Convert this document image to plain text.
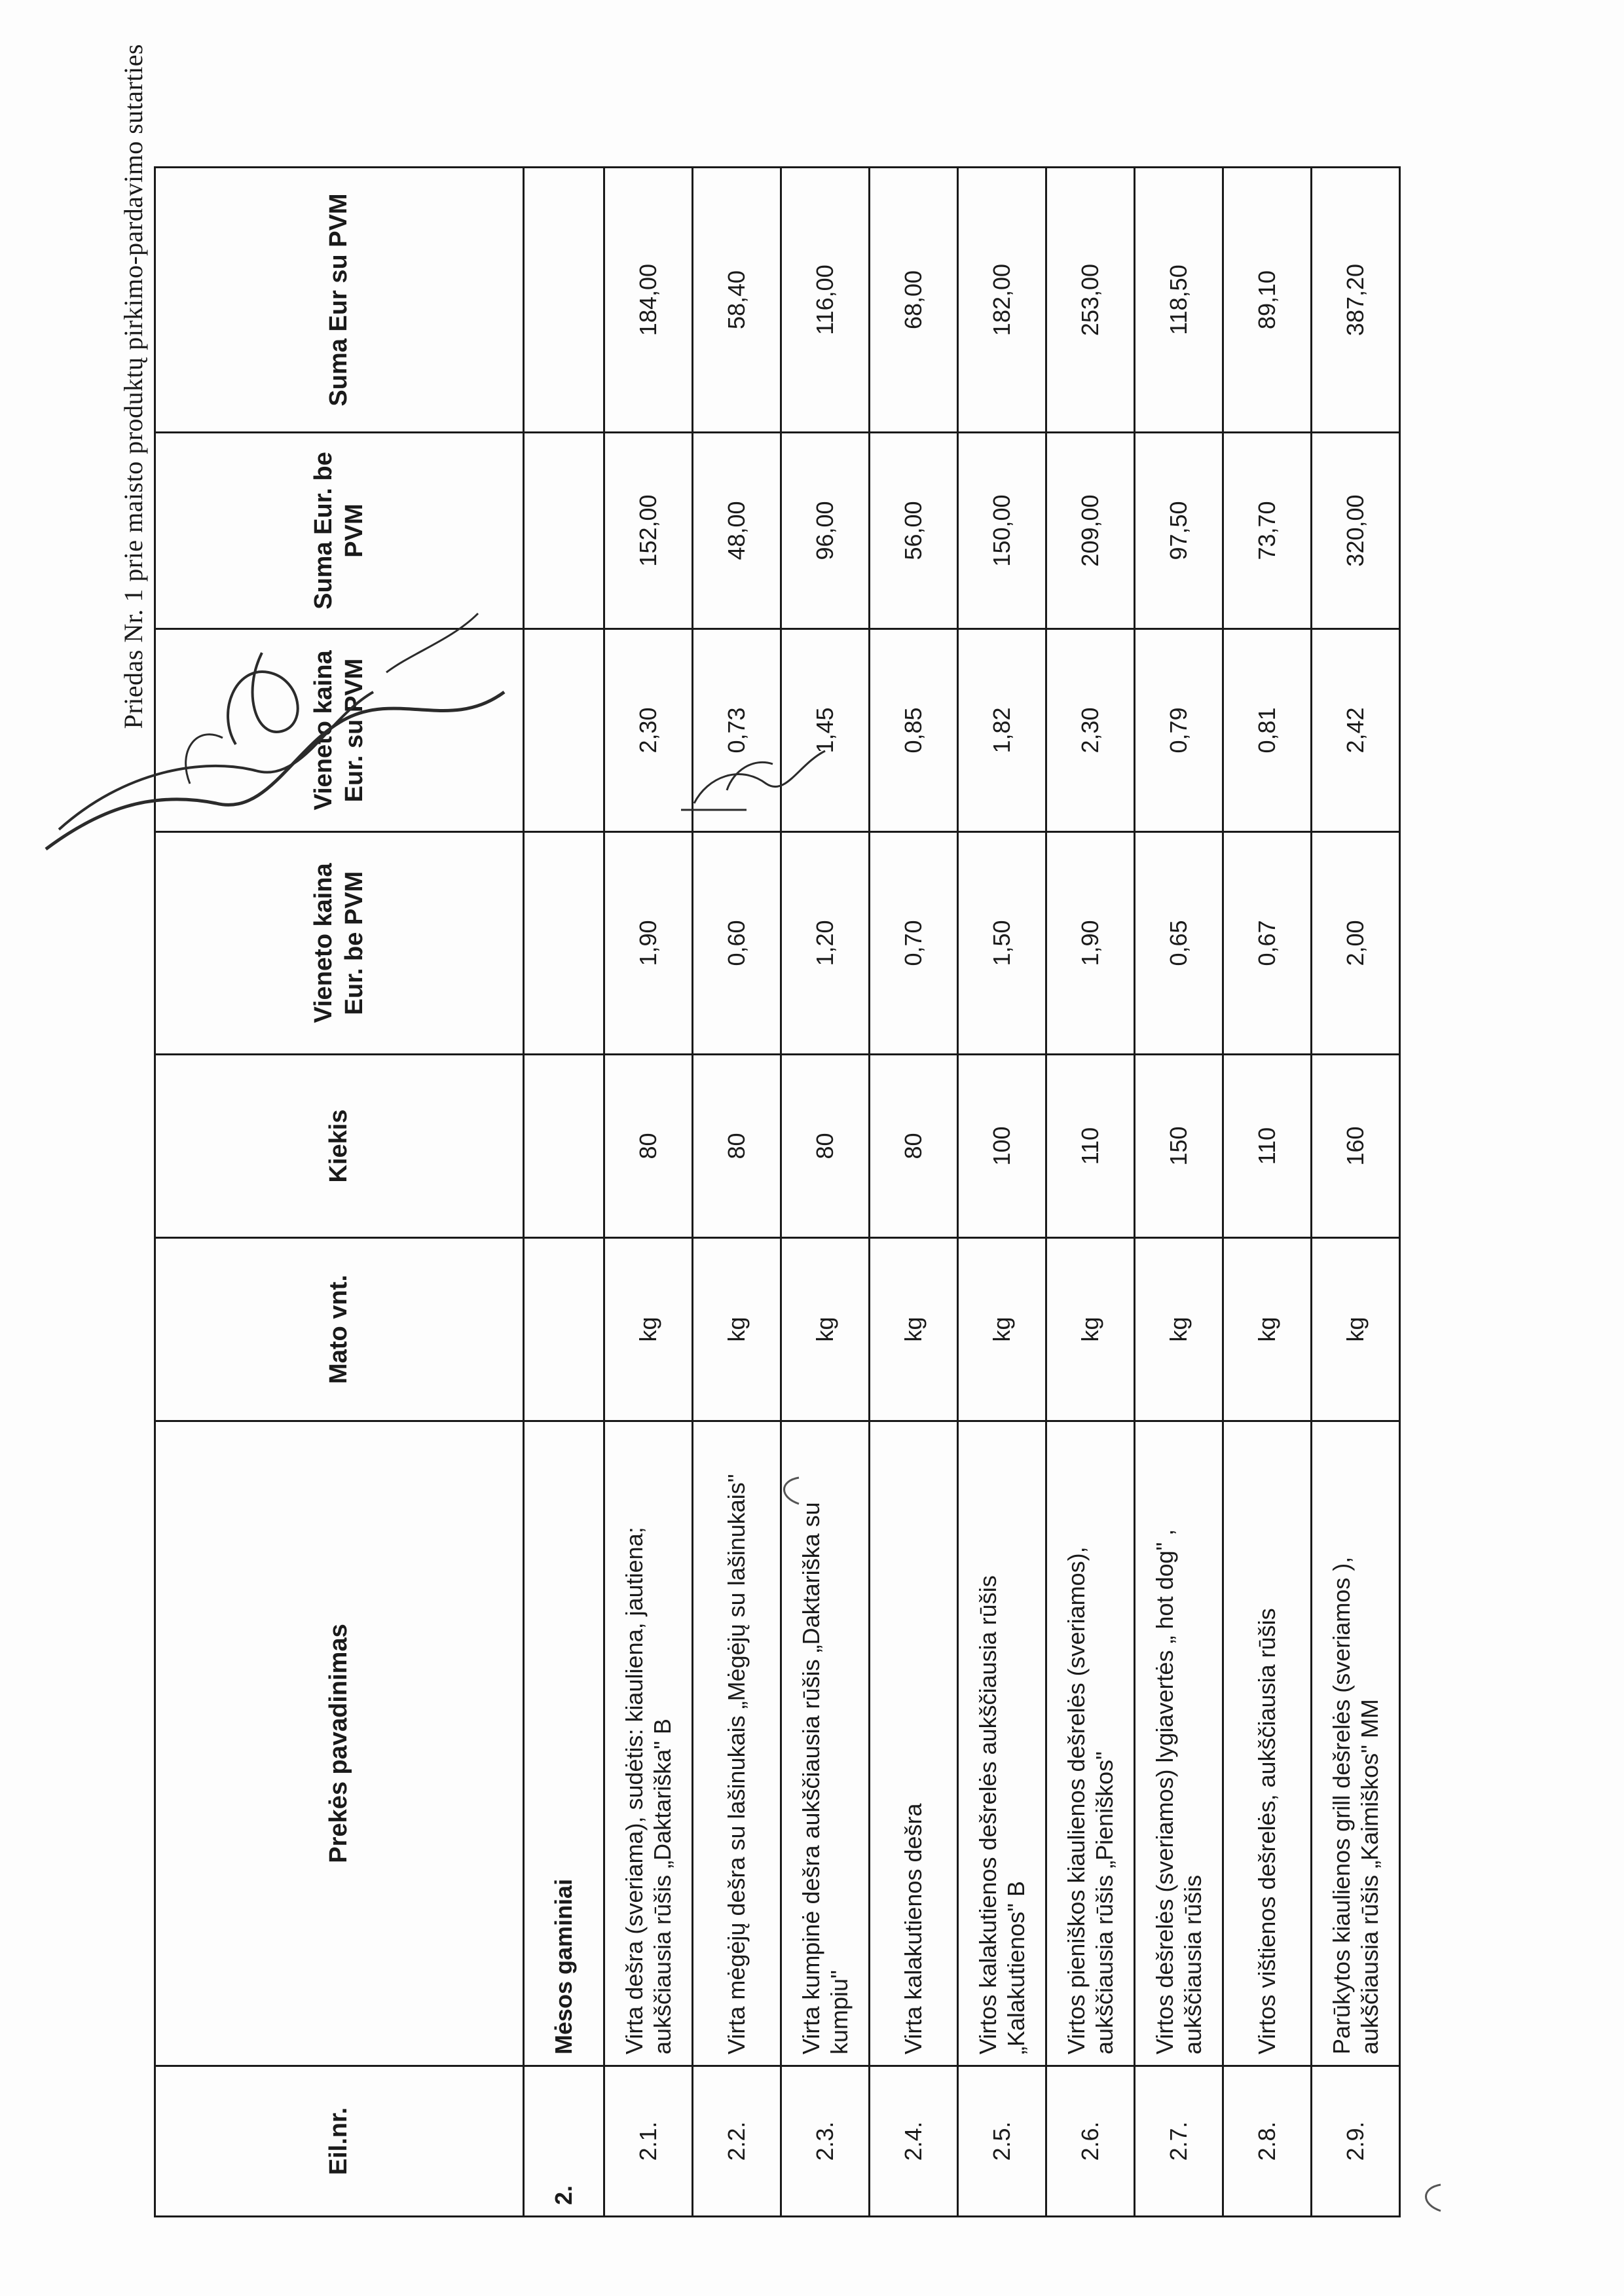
Priedas Nr. 1 prie maisto produktų pirkimo-pardavimo sutarties
Eil.nr.	Prekės pavadinimas	Mato vnt.	Kiekis	Vieneto kaina Eur. be PVM	Vieneto kaina Eur. su PVM	Suma Eur. be PVM	Suma Eur su PVM
2.	Mėsos gaminiai						
2.1.	Virta dešra (sveriama), sudėtis: kiauliena, jautiena; aukščiausia rūšis „Daktariška" B	kg	80	1,90	2,30	152,00	184,00
2.2.	Virta mėgėjų dešra su lašinukais „Mėgėjų su lašinukais"	kg	80	0,60	0,73	48,00	58,40
2.3.	Virta kumpinė dešra aukščiausia rūšis „Daktariška su kumpiu"	kg	80	1,20	1,45	96,00	116,00
2.4.	Virta kalakutienos dešra	kg	80	0,70	0,85	56,00	68,00
2.5.	Virtos kalakutienos dešrelės aukščiausia rūšis „Kalakutienos" B	kg	100	1,50	1,82	150,00	182,00
2.6.	Virtos pieniškos kiaulienos dešrelės (sveriamos), aukščiausia rūšis „Pieniškos"	kg	110	1,90	2,30	209,00	253,00
2.7.	Virtos dešrelės (sveriamos) lygiavertės „ hot dog" , aukščiausia rūšis	kg	150	0,65	0,79	97,50	118,50
2.8.	Virtos vištienos dešrelės, aukščiausia rūšis	kg	110	0,67	0,81	73,70	89,10
2.9.	Parūkytos kiaulienos grill dešrelės (sveriamos ), aukščiausia rūšis „Kaimiškos" MM	kg	160	2,00	2,42	320,00	387,20
